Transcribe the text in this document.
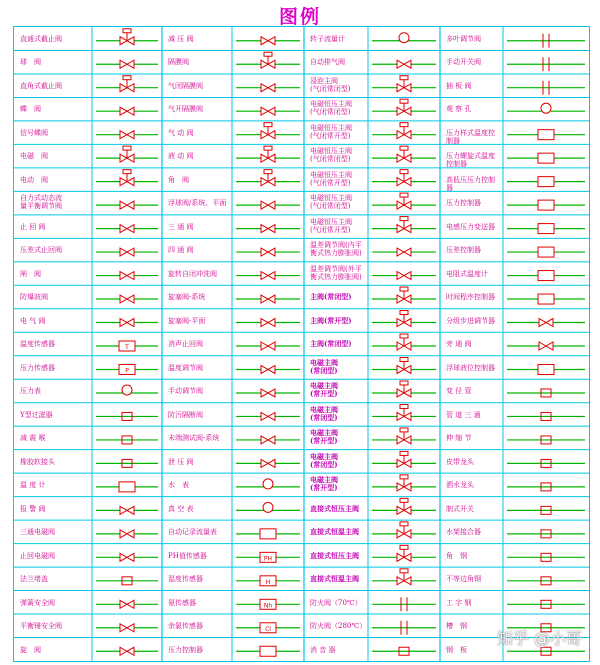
图例
T
P
PH
H
Nh
Cl
直通式截止阀
球　阀
直角式截止阀
蝶　阀
信号蝶阀
电磁　阀
电动　阀
自力式动态流
量平衡调节阀
止 回 阀
压差式止回阀
闸　阀
防爆波阀
电 气 阀
温度传感器
压力传感器
压力表
Y型过滤器
减 震 喉
橡胶软接头
温 度 计
报 警 阀
三通电磁阀
止回电磁阀
法兰堵盖
弹簧安全阀
平衡锤安全阀
旋　阀
减 压 阀
隔膜阀
气闭隔膜阀
气开隔膜阀
气 动 阀
液 动 阀
角　阀
浮球阀/系统、平面
三 通 阀
四 通 阀
旋转自闭冲洗阀
旋塞阀-系统
旋塞阀-平面
消声止回阀
温度调节阀
手动调节阀
防污隔断阀
末端测试阀-系统
泄 压 阀
水　表
真 空 表
自动记录流量表
PH值传感器
湿度传感器
氨传感器
余氯传感器
压力控制器
转子流量计
自动排气阀
浸泡主阀
(气闭常闭型)
电磁恒压主阀
(气闭常闭型)
电磁恒压主阀
(气闭常开型)
电磁恒压主阀
(气闭常闭型)
电磁恒压主阀
(气闭常开型)
电磁恒压主阀
(气闭常闭型)
电磁恒压主阀
(气闭常开型)
温差调节阀(内平
衡式热力膨胀阀)
温差调节阀(外平
衡式热力膨胀阀)
主阀(常闭型)
主阀(常开型)
主阀(常闭型)
电磁主阀
(常闭型)
电磁主阀
(常开型)
电磁主阀
(常闭型)
电磁主阀
(常开型)
电磁主阀
(常闭型)
电磁主阀
(常开型)
直接式恒压主阀
直接式恒温主阀
直接式恒压主阀
直接式恒温主阀
防火阀（70℃）
防火阀（280℃）
消 音 器
多叶调节阀
手动开关阀
插 板 阀
观 察 孔
压力样式温度控制器
压力螺旋式温度控制器
高低压压力控制器
压力控制器
电感压力变送器
压差控制器
电阻式温度计
时间程序控制器
分级步进调节器
旁 通 阀
浮球液位控制器
变 径 管
管 道 三 通
伸 缩 节
皮带龙头
洒水龙头
制式开关
水架接合器
角　钢
不等边角钢
工 字 钢
槽　钢
钢　板
知乎 @小哥
